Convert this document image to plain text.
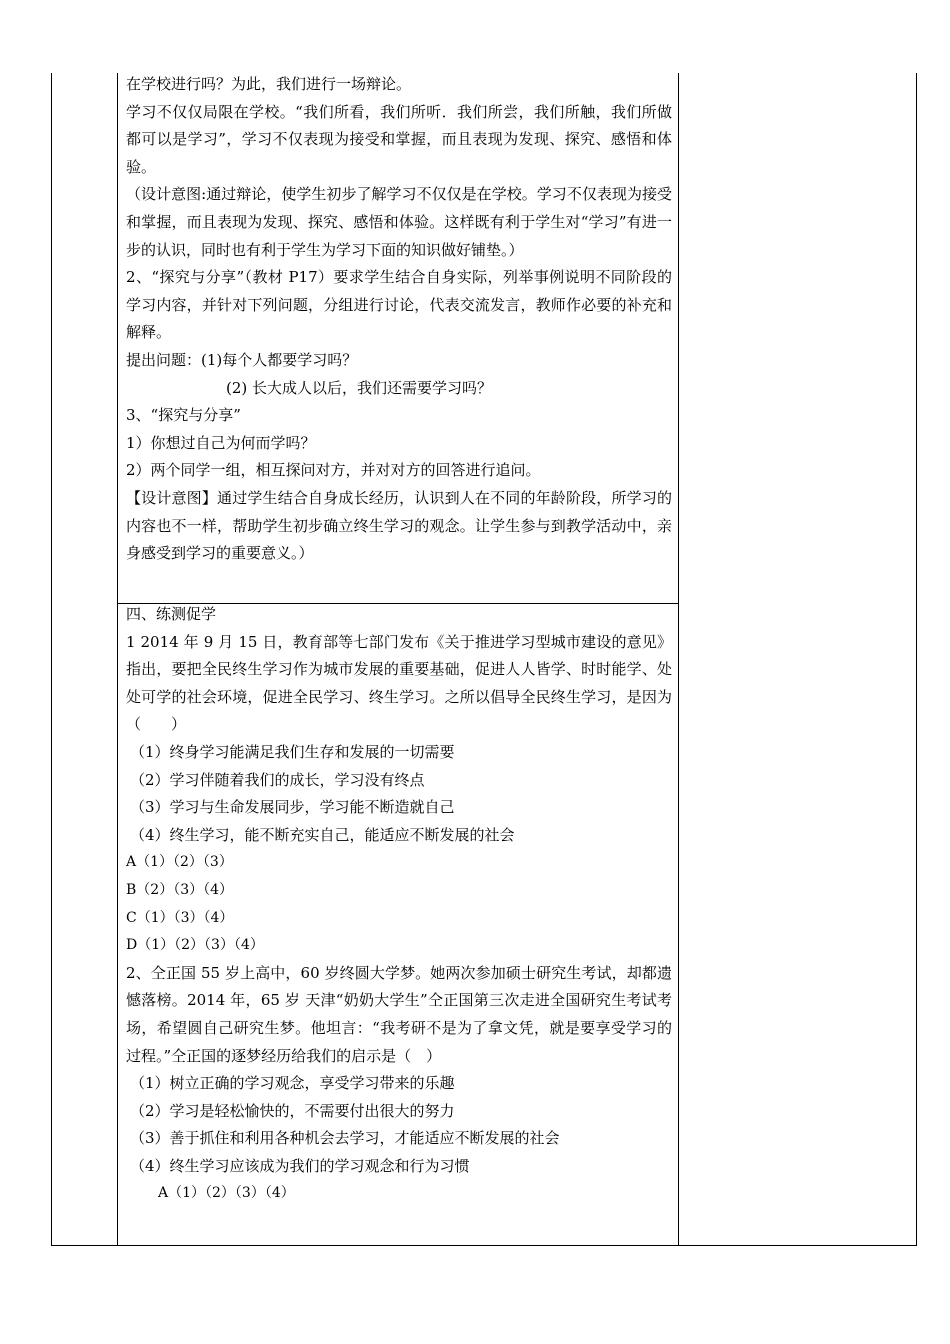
在学校进行吗？为此，我们进行一场辩论。

学习不仅仅局限在学校。“我们所看，我们所听．我们所尝，我们所触，我们所做都可以是学习”，学习不仅表现为接受和掌握，而且表现为发现、探究、感悟和体验。

（设计意图:通过辩论，使学生初步了解学习不仅仅是在学校。学习不仅表现为接受和掌握，而且表现为发现、探究、感悟和体验。这样既有利于学生对“学习”有进一步的认识，同时也有利于学生为学习下面的知识做好铺垫。）

2、“探究与分享”（教材 P17）要求学生结合自身实际，列举事例说明不同阶段的学习内容，并针对下列问题，分组进行讨论，代表交流发言，教师作必要的补充和解释。

提出问题：(1)每个人都要学习吗？

(2) 长大成人以后，我们还需要学习吗？

3、“探究与分享”

1）你想过自己为何而学吗？

2）两个同学一组，相互探问对方，并对对方的回答进行追问。

【设计意图】通过学生结合自身成长经历，认识到人在不同的年龄阶段，所学习的内容也不一样，帮助学生初步确立终生学习的观念。让学生参与到教学活动中，亲身感受到学习的重要意义。）

四、练测促学

1 2014 年 9 月 15 日，教育部等七部门发布《关于推进学习型城市建设的意见》指出，要把全民终生学习作为城市发展的重要基础，促进人人皆学、时时能学、处处可学的社会环境，促进全民学习、终生学习。之所以倡导全民终生学习，是因为（　　）

（1）终身学习能满足我们生存和发展的一切需要

（2）学习伴随着我们的成长，学习没有终点

（3）学习与生命发展同步，学习能不断造就自己

（4）终生学习，能不断充实自己，能适应不断发展的社会

A（1）（2）（3）

B（2）（3）（4）

C（1）（3）（4）

D（1）（2）（3）（4）

2、仝正国 55 岁上高中，60 岁终圆大学梦。她两次参加硕士研究生考试，却都遗憾落榜。2014 年，65 岁 天津“奶奶大学生”仝正国第三次走进全国研究生考试考场，希望圆自己研究生梦。他坦言：“我考研不是为了拿文凭，就是要享受学习的过程。”仝正国的逐梦经历给我们的启示是（　）

（1）树立正确的学习观念，享受学习带来的乐趣

（2）学习是轻松愉快的，不需要付出很大的努力

（3）善于抓住和利用各种机会去学习，才能适应不断发展的社会

（4）终生学习应该成为我们的学习观念和行为习惯

A（1）（2）（3）（4）
